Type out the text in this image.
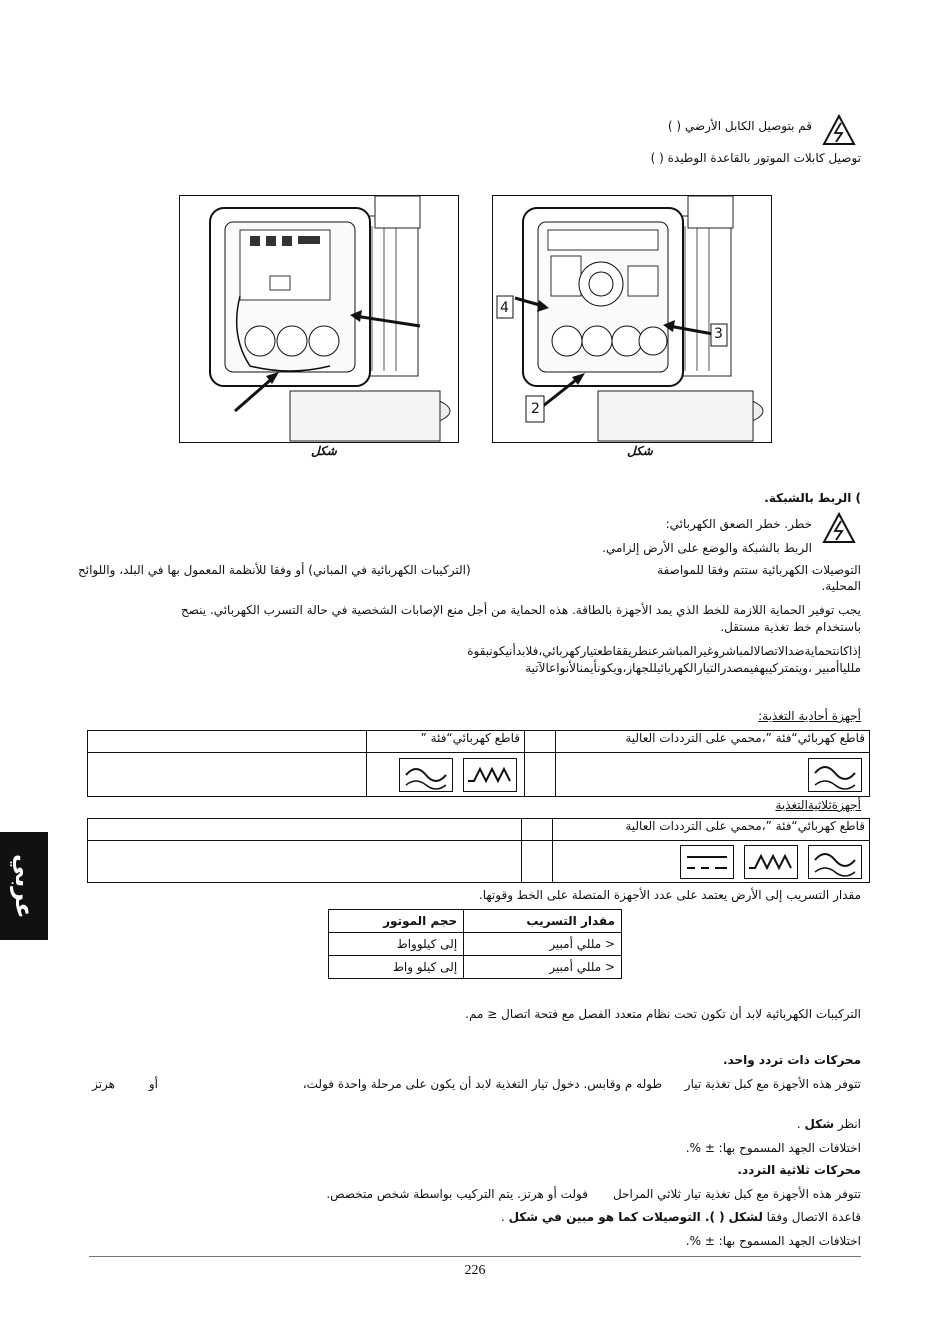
قم بتوصيل الكابل الأرضي ( )
توصيل كابلات الموتور بالقاعدة الوطيدة ( )
شكل
4
3
2
شكل
) الربط بالشبكة.
خطر. خطر الصعق الكهربائي:
الربط بالشبكة والوضع على الأرض إلزامي.
التوصيلات الكهربائية ستتم وفقا للمواصفة
(التركيبات الكهربائية في المباني) أو وفقا للأنظمة المعمول بها في البلد، واللوائح
المحلية.
يجب توفير الحماية اللازمة للخط الذي يمد الأجهزة بالطاقة. هذه الحماية من أجل منع الإصابات الشخصية في حالة التسرب الكهربائي. ينصح
باستخدام خط تغذية مستقل.
إذاكانتحمايةضدالاتصالالمباشروغيرالمباشرعنطريققاطعتياركهربائي،فلابدأنيكونبقوة
مللياأمبير ،ويتمتركيبهفيمصدرالتيارالكهربائيللجهاز،ويكونأيمنالأنواعالآتية
أجهزة أحادية التغذية:
	قاطع كهربائي“فئة ”		قاطع كهربائي“فئة ”،محمي على الترددات العالية

أجهزةثلاثيةالتغذية
		قاطع كهربائي“فئة ”،محمي على الترددات العالية

عربي	مقدار التسريب إلى الأرض يعتمد على عدد الأجهزة المتصلة على الخط وقوتها.
حجم الموتور	مقدار التسريب
إلى كيلوواط	< مللي أمبير
إلى كيلو واط	< مللي أمبير
التركيبات الكهربائية لابد أن تكون تحت نظام متعدد الفصل مع فتحة اتصال ≤ مم.
محركات ذات تردد واحد.
تتوفر هذه الأجهزة مع كبل تغذية تيار
طوله م وقابس. دخول تيار التغذية لابد أن يكون على مرحلة واحدة فولت،
أو
هرتز
انظر شكل .
اختلافات الجهد المسموح بها: ± %.
محركات ثلاثية التردد.
تتوفر هذه الأجهزة مع كبل تغذية تيار ثلاثي المراحل
فولت أو هرتز. يتم التركيب بواسطة شخص متخصص.
قاعدة الاتصال وفقا لشكل ( ). التوصيلات كما هو مبين في شكل .
اختلافات الجهد المسموح بها: ± %.
226
